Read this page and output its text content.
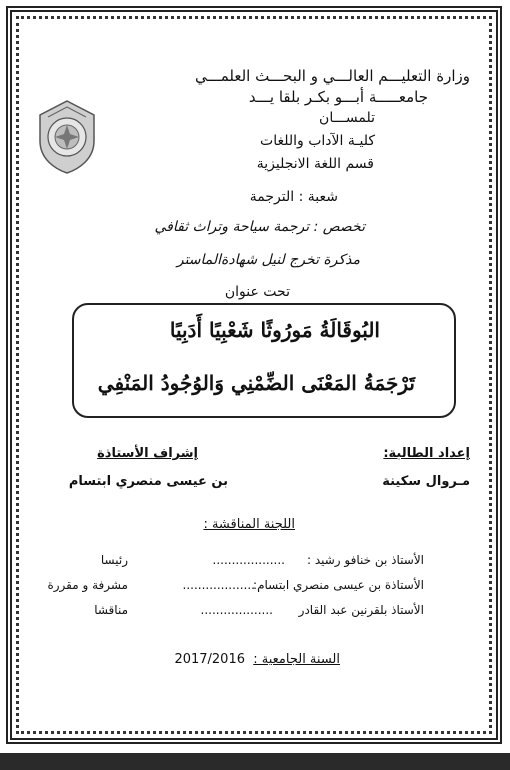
وزارة التعليـــم العالـــي و البحـــث العلمـــي
جامعـــــة أبـــو بكـر بلقا يـــد
تلمســـان
كليـة الآداب واللغات
قسم اللغة الانجليزية
شعبة : الترجمة
تخصص : ترجمة سياحة وتراث ثقافي
مذكرة تخرج لنيل شهادةالماستر
تحت عنوان
البُوقَالَةُ مَورُوثًا شَعْبِيًا أَدَبِيًا
تَرْجَمَةُ المَعْنَى الضِّمْنِي وَالوُجُودُ المَنْفِي
إعداد الطالبة:
إشراف الأستاذة
مـروال سكينة
بن عيسى منصري ابتسام
اللجنة المناقشة :
الأستاذ بن خنافو رشيد :
...................
رئيسا
الأستاذة بن عيسى منصري ابتسام:
...................
مشرفة و مقررة
الأستاذ بلقرنين عبد القادر
...................
مناقشا
السنة الجامعية :
2017/2016
